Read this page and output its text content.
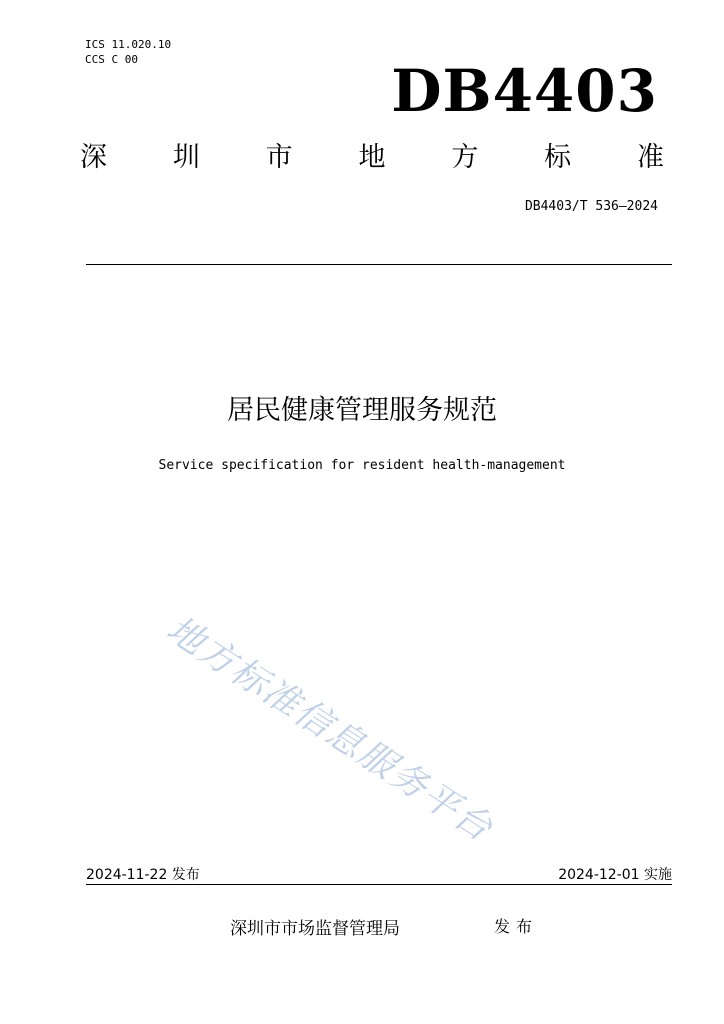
ICS 11.020.10
CCS C 00	DB4403
深 圳 市 地 方 标 准
DB4403/T 536—2024
居民健康管理服务规范
Service specification for resident health-management
地方标准信息服务平台
2024-11-22 发布	2024-12-01 实施
深圳市市场监督管理局	发布
